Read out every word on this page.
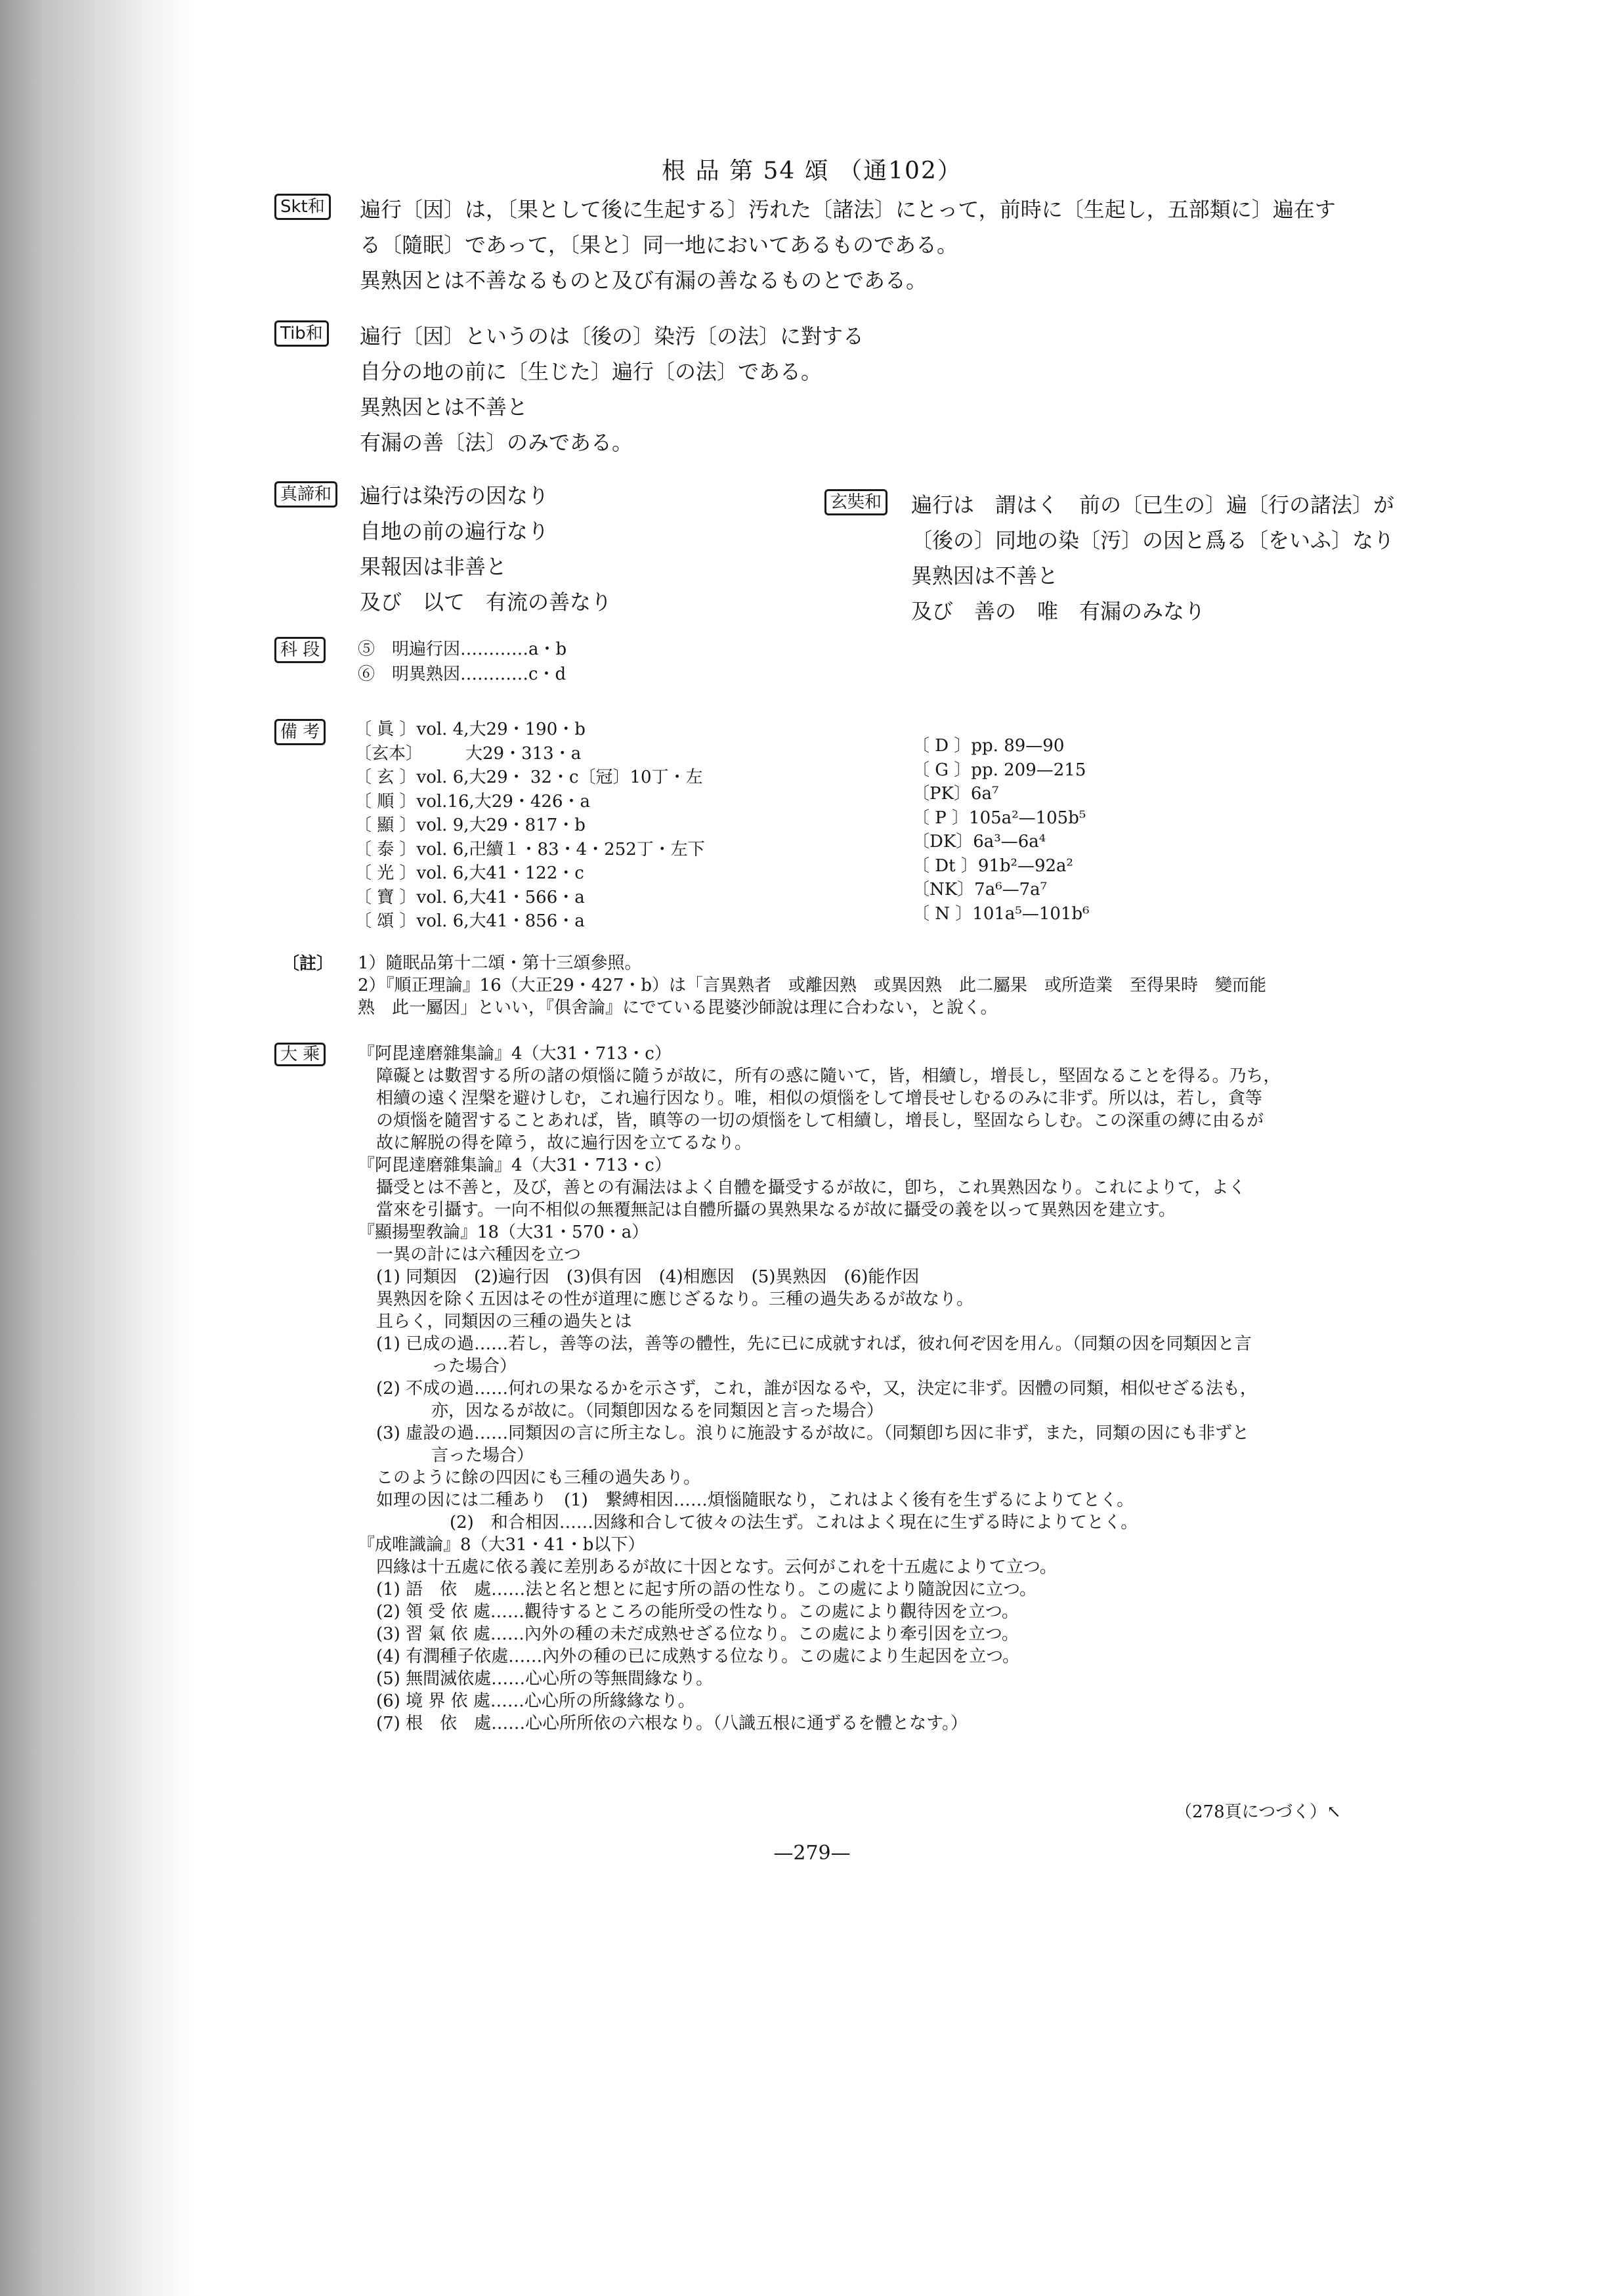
根 品 第 54 頌 （通102）
Skt和 遍行〔因〕は，〔果として後に生起する〕汚れた〔諸法〕にとって，前時に〔生起し，五部類に〕遍在す
る〔隨眠〕であって，〔果と〕同一地においてあるものである。
異熟因とは不善なるものと及び有漏の善なるものとである。
Tib和 遍行〔因〕というのは〔後の〕染汚〔の法〕に對する
自分の地の前に〔生じた〕遍行〔の法〕である。
異熟因とは不善と
有漏の善〔法〕のみである。
真諦和 遍行は染汚の因なり
自地の前の遍行なり
果報因は非善と
及び　以て　有流の善なり
玄奘和 遍行は　謂はく　前の〔已生の〕遍〔行の諸法〕が
〔後の〕同地の染〔汚〕の因と爲る〔をいふ〕なり
異熟因は不善と
及び　善の　唯　有漏のみなり
科 段	⑤　明遍行因…………a・b
⑥　明異熟因…………c・d
備 考	〔 眞 〕vol. 4,大29・190・b
〔玄本〕　　　大29・313・a
〔 玄 〕vol. 6,大29・ 32・c〔冠〕10丁・左
〔 順 〕vol.16,大29・426・a
〔 顯 〕vol. 9,大29・817・b
〔 泰 〕vol. 6,卍續１・83・4・252丁・左下
〔 光 〕vol. 6,大41・122・c
〔 寶 〕vol. 6,大41・566・a
〔 頌 〕vol. 6,大41・856・a
〔 D 〕pp. 89—90
〔 G 〕pp. 209—215
〔PK〕6a⁷
〔 P 〕105a²—105b⁵
〔DK〕6a³—6a⁴
〔 Dt 〕91b²—92a²
〔NK〕7a⁶—7a⁷
〔 N 〕101a⁵—101b⁶
〔註〕 1）隨眠品第十二頌・第十三頌參照。
2）『順正理論』16（大正29・427・b）は「言異熟者　或離因熟　或異因熟　此二屬果　或所造業　至得果時　變而能
熟　此一屬因」といい，『俱舍論』にでている毘婆沙師說は理に合わない，と說く。
大 乘	『阿毘達磨雜集論』4（大31・713・c）
障礙とは數習する所の諸の煩惱に隨うが故に，所有の惑に隨いて，皆，相續し，增長し，堅固なることを得る。乃ち，
相續の遠く涅槃を避けしむ，これ遍行因なり。唯，相似の煩惱をして增長せしむるのみに非ず。所以は，若し，貪等
の煩惱を隨習することあれば，皆，瞋等の一切の煩惱をして相續し，增長し，堅固ならしむ。この深重の縛に由るが
故に解脱の得を障う，故に遍行因を立てるなり。
『阿毘達磨雜集論』4（大31・713・c）
攝受とは不善と，及び，善との有漏法はよく自體を攝受するが故に，卽ち，これ異熟因なり。これによりて，よく
當來を引攝す。一向不相似の無覆無記は自體所攝の異熟果なるが故に攝受の義を以って異熟因を建立す。
『顯揚聖敎論』18（大31・570・a）
一異の計には六種因を立つ
(1) 同類因　(2)遍行因　(3)俱有因　(4)相應因　(5)異熟因　(6)能作因
異熟因を除く五因はその性が道理に應じざるなり。三種の過失あるが故なり。
且らく，同類因の三種の過失とは
(1) 已成の過……若し，善等の法，善等の體性，先に已に成就すれば，彼れ何ぞ因を用ん。（同類の因を同類因と言
った場合）
(2) 不成の過……何れの果なるかを示さず，これ，誰が因なるや，又，決定に非ず。因體の同類，相似せざる法も，
亦，因なるが故に。（同類卽因なるを同類因と言った場合）
(3) 虛設の過……同類因の言に所主なし。浪りに施設するが故に。（同類卽ち因に非ず，また，同類の因にも非ずと
言った場合）
このように餘の四因にも三種の過失あり。
如理の因には二種あり　(1)　繋縛相因……煩惱隨眠なり，これはよく後有を生ずるによりてとく。
(2)　和合相因……因緣和合して彼々の法生ず。これはよく現在に生ずる時によりてとく。
『成唯識論』8（大31・41・b以下）
四緣は十五處に依る義に差別あるが故に十因となす。云何がこれを十五處によりて立つ。
(1) 語　依　處……法と名と想とに起す所の語の性なり。この處により隨說因に立つ。
(2) 領 受 依 處……觀待するところの能所受の性なり。この處により觀待因を立つ。
(3) 習 氣 依 處……內外の種の未だ成熟せざる位なり。この處により牽引因を立つ。
(4) 有潤種子依處……內外の種の已に成熟する位なり。この處により生起因を立つ。
(5) 無間滅依處……心心所の等無間緣なり。
(6) 境 界 依 處……心心所の所緣緣なり。
(7) 根　依　處……心心所所依の六根なり。（八識五根に通ずるを體となす。）
（278頁につづく）↖
—279—
